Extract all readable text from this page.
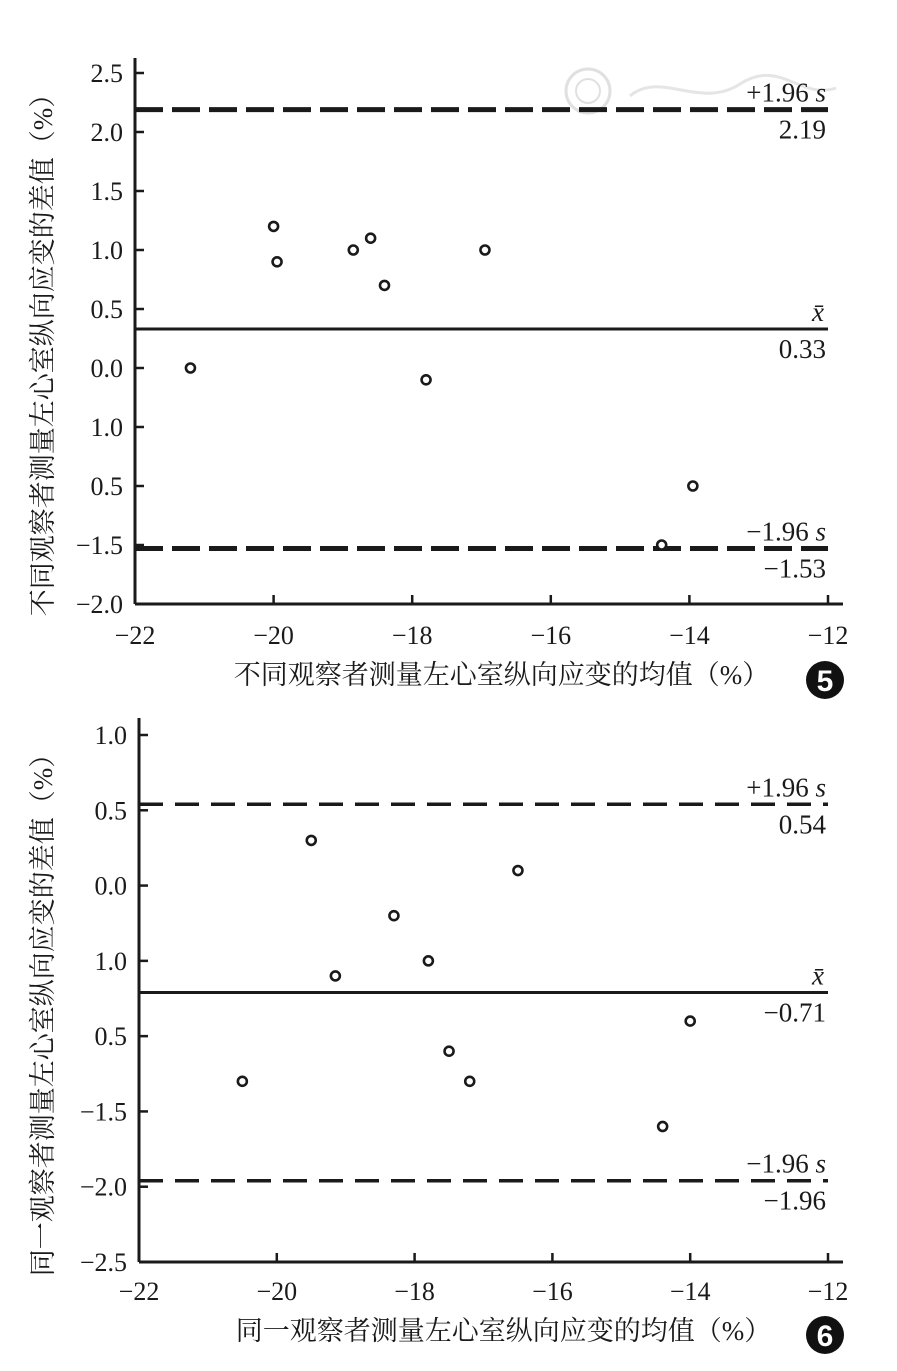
2.5
2.0
1.5
1.0
0.5
0.0
1.0
0.5
−1.5
−2.0
−22	−20	−18	−16	−14	−12
+1.96 s
2.19
x̄
0.33
−1.96 s
−1.53
不同观察者测量左心室纵向应变的均值（%）
不同观察者测量左心室纵向应变的差值（%）
5
1.0
0.5
0.0
1.0
0.5
−1.5
−2.0
−2.5
−22	−20	−18	−16	−14	−12
+1.96 s
0.54
x̄
−0.71
−1.96 s
−1.96
同一观察者测量左心室纵向应变的均值（%）
同一观察者测量左心室纵向应变的差值（%）
6
